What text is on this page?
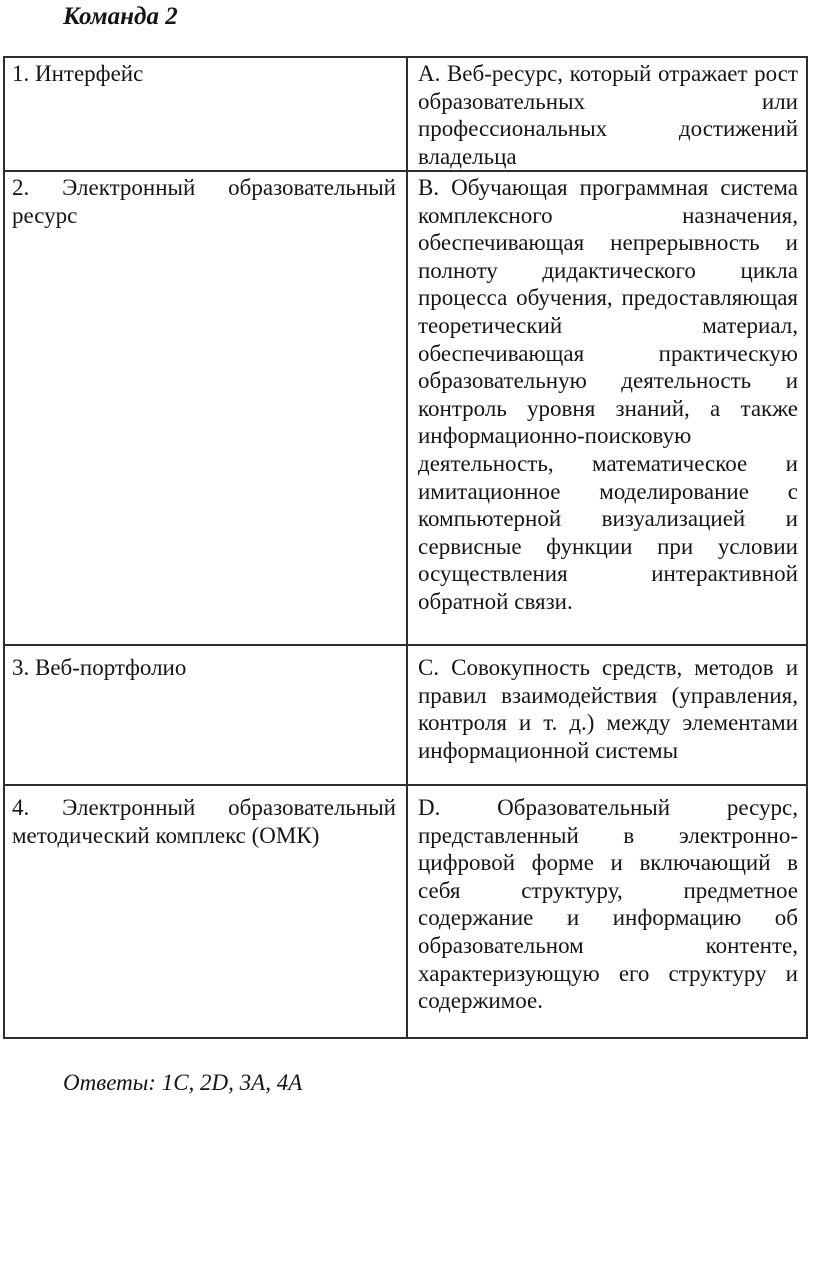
Команда 2
1. Интерфейс	А. Веб-ресурс, который отражает рост образовательных или профессиональных достижений владельца
2. Электронный образовательный ресурс
В. Обучающая программная система комплексного назначения, обеспечивающая непрерывность и полноту дидактического цикла процесса обучения, предоставляющая теоретический материал, обеспечивающая практическую образовательную деятельность и контроль уровня знаний, а также информационно-поисковую деятельность, математическое и имитационное моделирование с компьютерной визуализацией и сервисные функции при условии осуществления интерактивной обратной связи.
3. Веб-портфолио	С. Совокупность средств, методов и правил взаимодействия (управления, контроля и т. д.) между элементами информационной системы
4. Электронный образовательный методический комплекс (ОМК)
D. Образовательный ресурс, представленный в электронно-цифровой форме и включающий в себя структуру, предметное содержание и информацию об образовательном контенте, характеризующую его структуру и содержимое.

Ответы: 1C, 2D, 3A, 4A
